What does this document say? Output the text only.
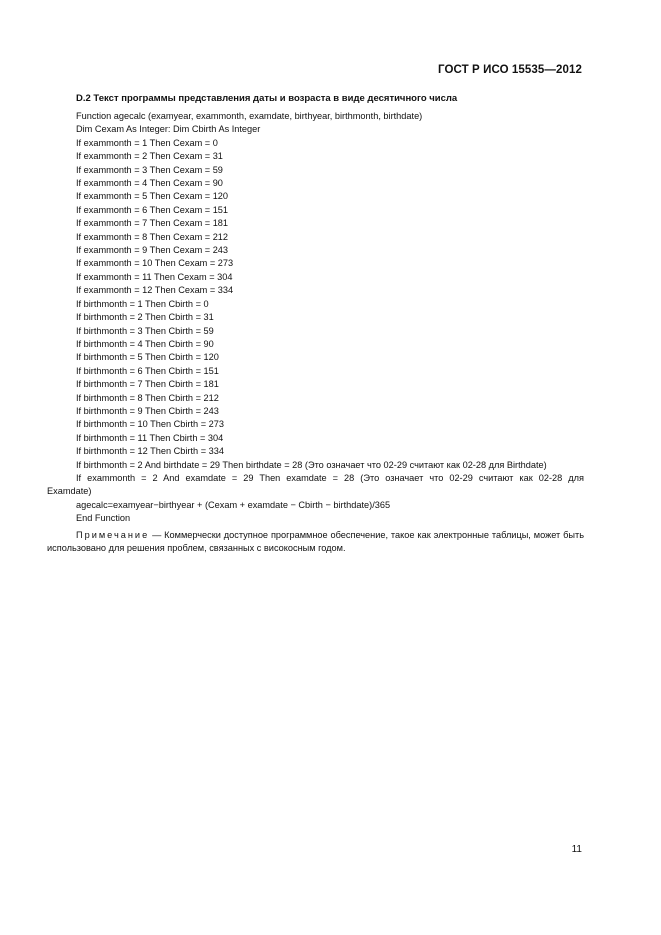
ГОСТ Р ИСО 15535—2012
D.2 Текст программы представления даты и возраста в виде десятичного числа
Function agecalc (examyear, exammonth, examdate, birthyear, birthmonth, birthdate)
Dim Cexam As Integer: Dim Cbirth As Integer
If exammonth = 1 Then Cexam = 0
If exammonth = 2 Then Cexam = 31
If exammonth = 3 Then Cexam = 59
If exammonth = 4 Then Cexam = 90
If exammonth = 5 Then Cexam = 120
If exammonth = 6 Then Cexam = 151
If exammonth = 7 Then Cexam = 181
If exammonth = 8 Then Cexam = 212
If exammonth = 9 Then Cexam = 243
If exammonth = 10 Then Cexam = 273
If exammonth = 11 Then Cexam = 304
If exammonth = 12 Then Cexam = 334
If birthmonth = 1 Then Cbirth = 0
If birthmonth = 2 Then Cbirth = 31
If birthmonth = 3 Then Cbirth = 59
If birthmonth = 4 Then Cbirth = 90
If birthmonth = 5 Then Cbirth = 120
If birthmonth = 6 Then Cbirth = 151
If birthmonth = 7 Then Cbirth = 181
If birthmonth = 8 Then Cbirth = 212
If birthmonth = 9 Then Cbirth = 243
If birthmonth = 10 Then Cbirth = 273
If birthmonth = 11 Then Cbirth = 304
If birthmonth = 12 Then Cbirth = 334
If birthmonth = 2 And birthdate = 29 Then birthdate = 28 (Это означает что 02-29 считают как 02-28 для Birthdate)
If exammonth = 2 And examdate = 29 Then examdate = 28 (Это означает что 02-29 считают как 02-28 для
Examdate)
agecalc=examyear−birthyear + (Cexam + examdate − Cbirth − birthdate)/365
End Function
Примечание — Коммерчески доступное программное обеспечение, такое как электронные таблицы, может быть использовано для решения проблем, связанных с високосным годом.
11
